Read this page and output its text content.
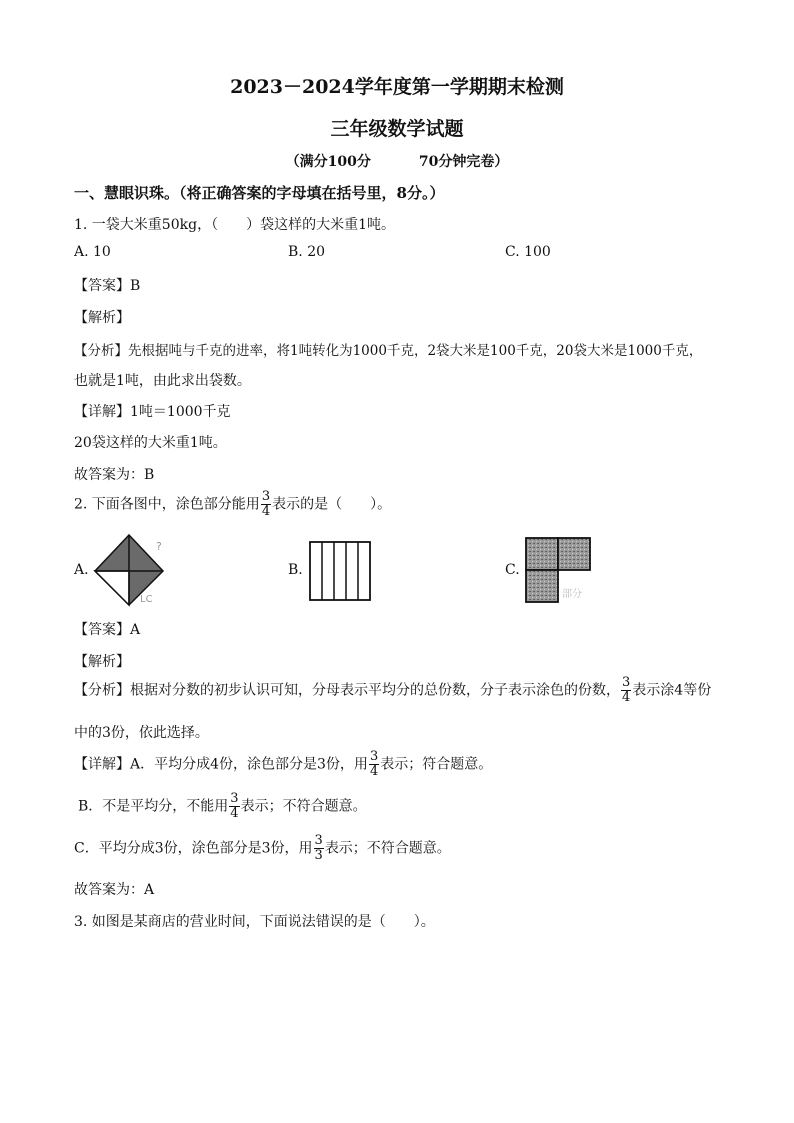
2023－2024学年度第一学期期末检测
三年级数学试题
（满分100分	70分钟完卷）
一、慧眼识珠。（将正确答案的字母填在括号里，8分。）
1. 一袋大米重50kg，（　　）袋这样的大米重1吨。
A. 10	B. 20	C. 100
【答案】B
【解析】
【分析】先根据吨与千克的进率，将1吨转化为1000千克，2袋大米是100千克，20袋大米是1000千克，
也就是1吨，由此求出袋数。
【详解】1吨＝1000千克
20袋这样的大米重1吨。
故答案为：B
2. 下面各图中，涂色部分能用 $\frac{3}{4}$ 表示的是（　　）。
A.
?
LC
B.	C.
部分
【答案】A
【解析】
【分析】根据对分数的初步认识可知，分母表示平均分的总份数，分子表示涂色的份数， $\frac{3}{4}$ 表示涂4等份
中的3份，依此选择。
【详解】A．平均分成4份，涂色部分是3份，用 $\frac{3}{4}$ 表示；符合题意。
B．不是平均分，不能用 $\frac{3}{4}$ 表示；不符合题意。
C．平均分成3份，涂色部分是3份，用 $\frac{3}{3}$ 表示；不符合题意。
故答案为：A
3. 如图是某商店的营业时间，下面说法错误的是（　　）。
